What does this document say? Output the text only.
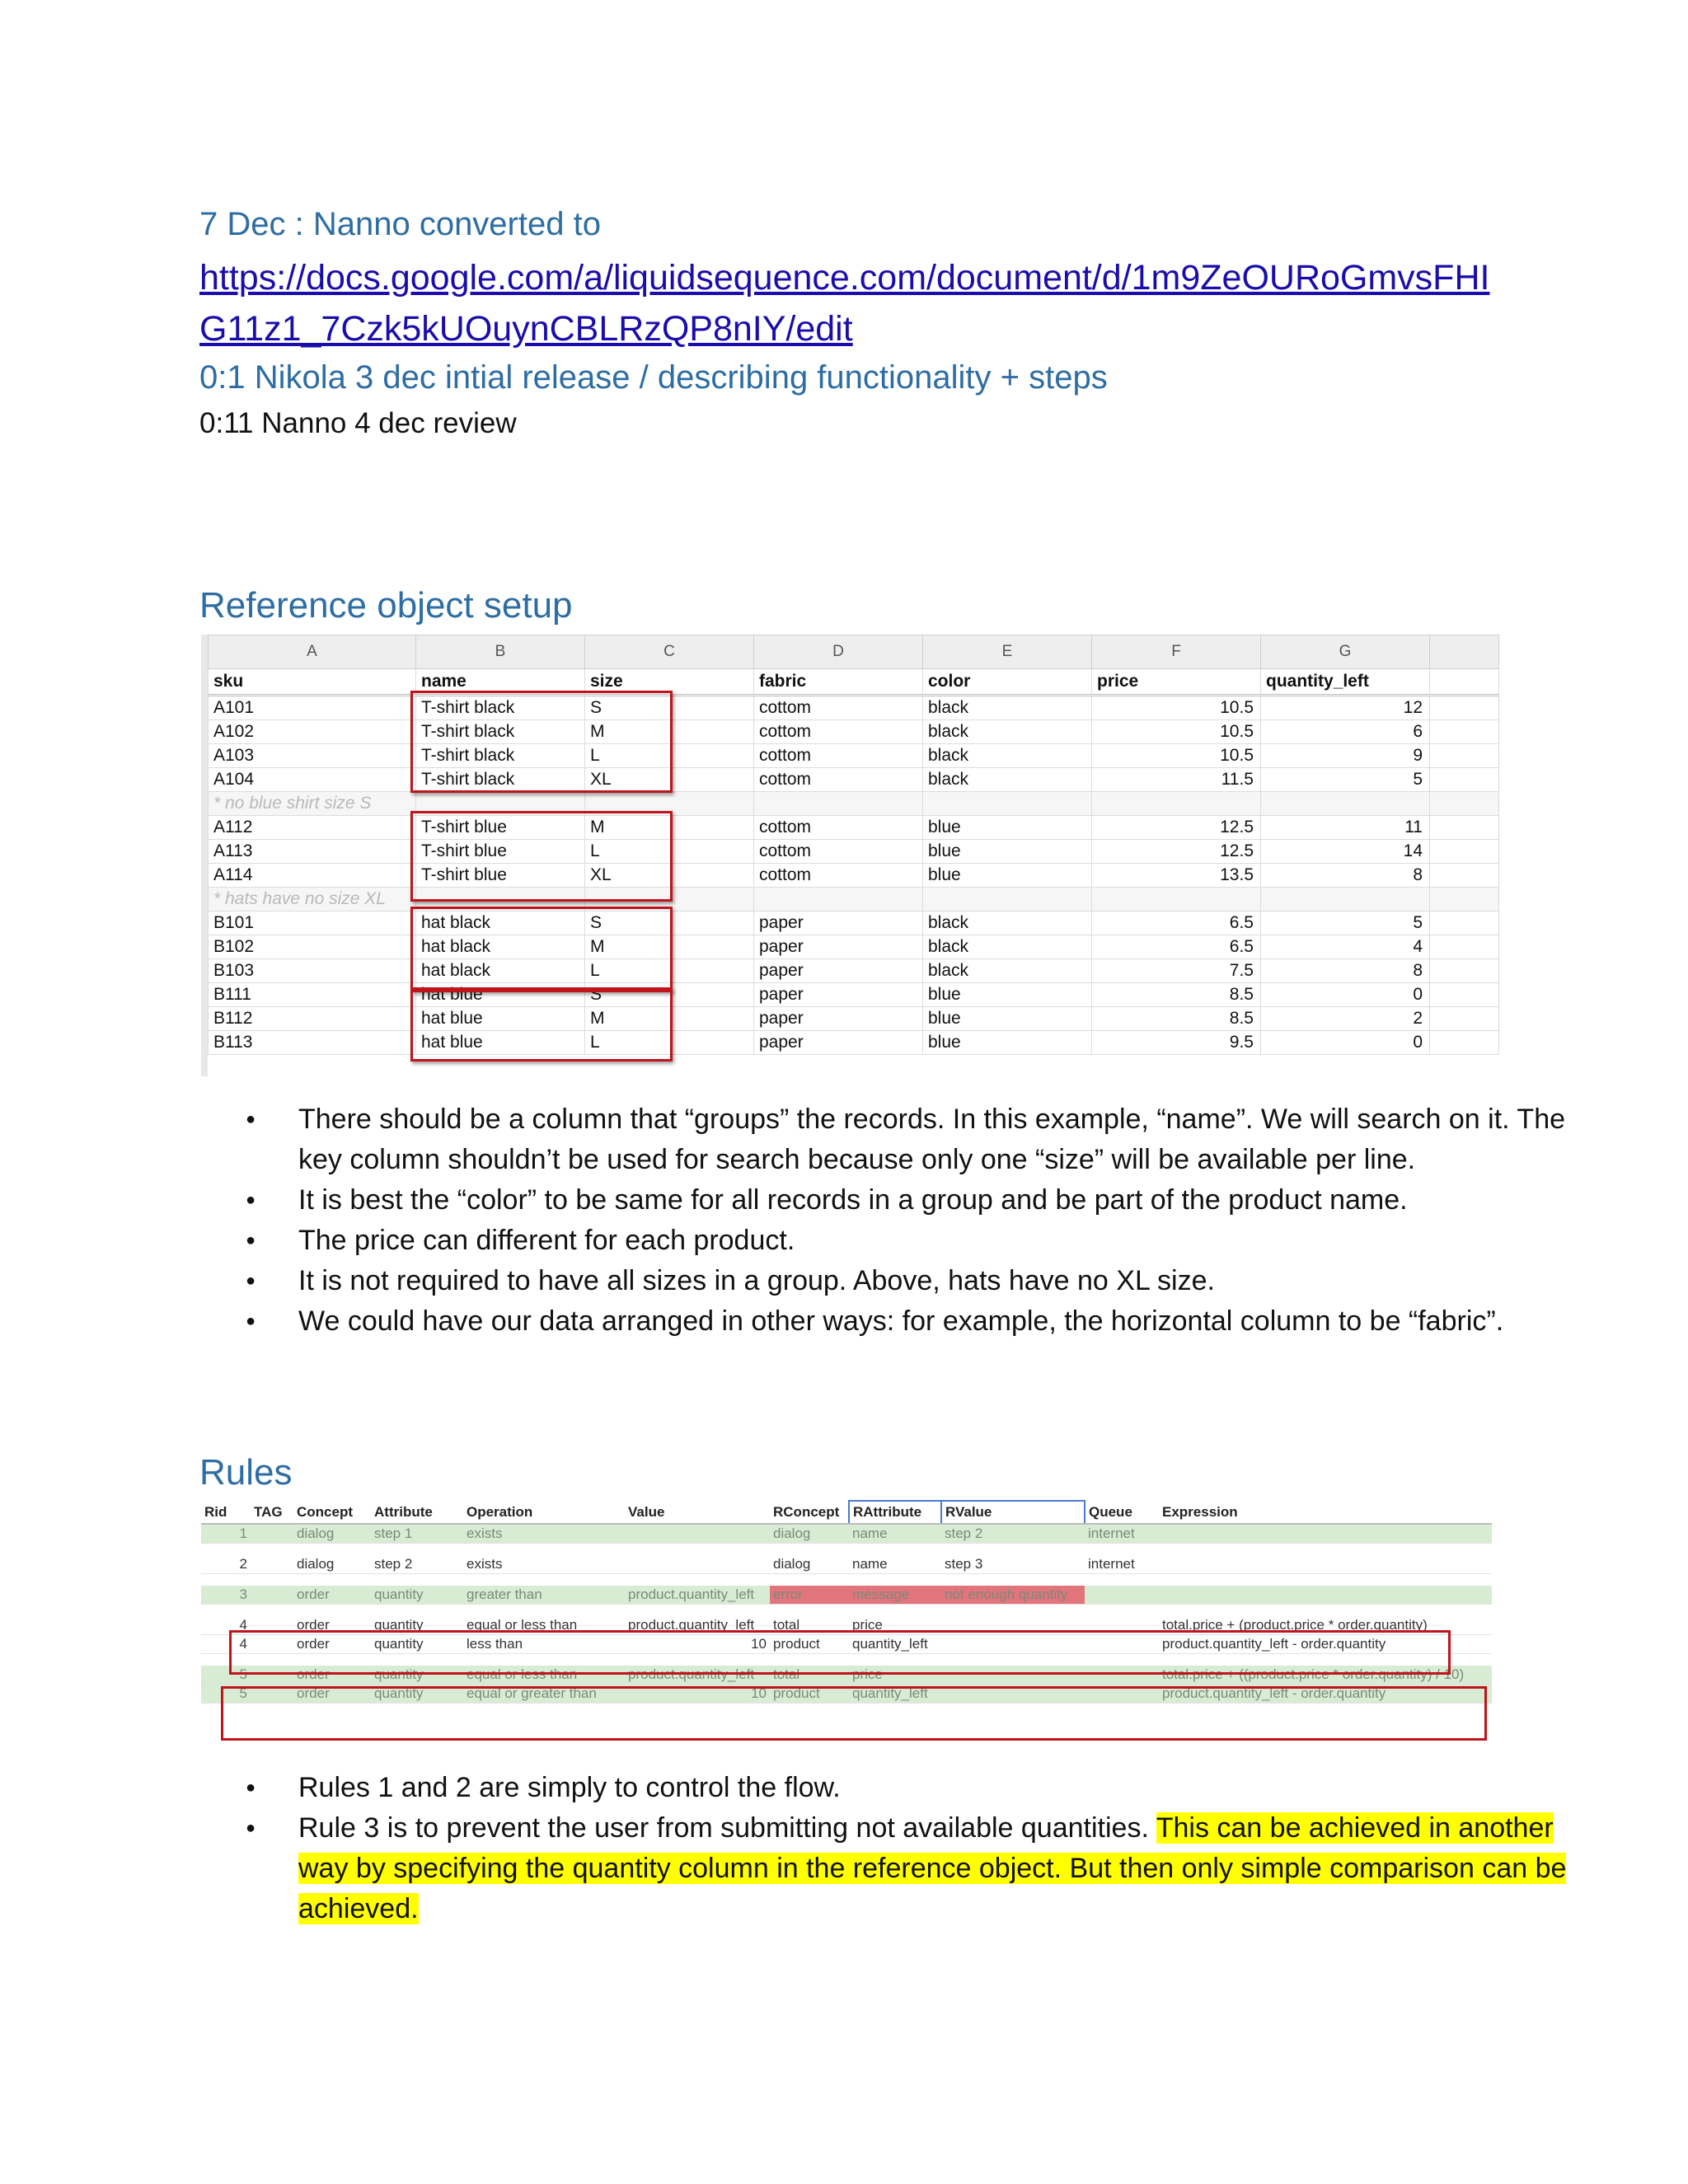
7 Dec : Nanno converted to
https://docs.google.com/a/liquidsequence.com/document/d/1m9ZeOURoGmvsFHIG11z1_7Czk5kUOuynCBLRzQP8nIY/edit
0:1 Nikola 3 dec intial release / describing functionality + steps
0:11 Nanno 4 dec review
Reference object setup
A	B	C	D	E	F	G	
sku	name	size	fabric	color	price	quantity_left	
A101	T-shirt black	S	cottom	black	10.5	12	
A102	T-shirt black	M	cottom	black	10.5	6	
A103	T-shirt black	L	cottom	black	10.5	9	
A104	T-shirt black	XL	cottom	black	11.5	5	
* no blue shirt size S							
A112	T-shirt blue	M	cottom	blue	12.5	11	
A113	T-shirt blue	L	cottom	blue	12.5	14	
A114	T-shirt blue	XL	cottom	blue	13.5	8	
* hats have no size XL							
B101	hat black	S	paper	black	6.5	5	
B102	hat black	M	paper	black	6.5	4	
B103	hat black	L	paper	black	7.5	8	
B111	hat blue	S	paper	blue	8.5	0	
B112	hat blue	M	paper	blue	8.5	2	
B113	hat blue	L	paper	blue	9.5	0	
● There should be a column that “groups” the records. In this example, “name”. We will search on it. The key column shouldn’t be used for search because only one “size” will be available per line.
● It is best the “color” to be same for all records in a group and be part of the product name.
● The price can different for each product.
● It is not required to have all sizes in a group. Above, hats have no XL size.
● We could have our data arranged in other ways: for example, the horizontal column to be “fabric”.
Rules
Rid	TAG	Concept	Attribute	Operation	Value	RConcept	RAttribute	RValue	Queue	Expression
1		dialog	step 1	exists		dialog	name	step 2	internet	

2		dialog	step 2	exists		dialog	name	step 3	internet	

3		order	quantity	greater than	product.quantity_left	error	message	not enough quantity		

4		order	quantity	equal or less than	product.quantity_left	total	price			total.price + (product.price * order.quantity)
4		order	quantity	less than	10	product	quantity_left			product.quantity_left - order.quantity

5		order	quantity	equal or less than	product.quantity_left	total	price			total.price + ((product.price * order.quantity) / 10)
5		order	quantity	equal or greater than	10	product	quantity_left			product.quantity_left - order.quantity
● Rules 1 and 2 are simply to control the flow.
● Rule 3 is to prevent the user from submitting not available quantities. This can be achieved in another way by specifying the quantity column in the reference object. But then only simple comparison can be achieved.
